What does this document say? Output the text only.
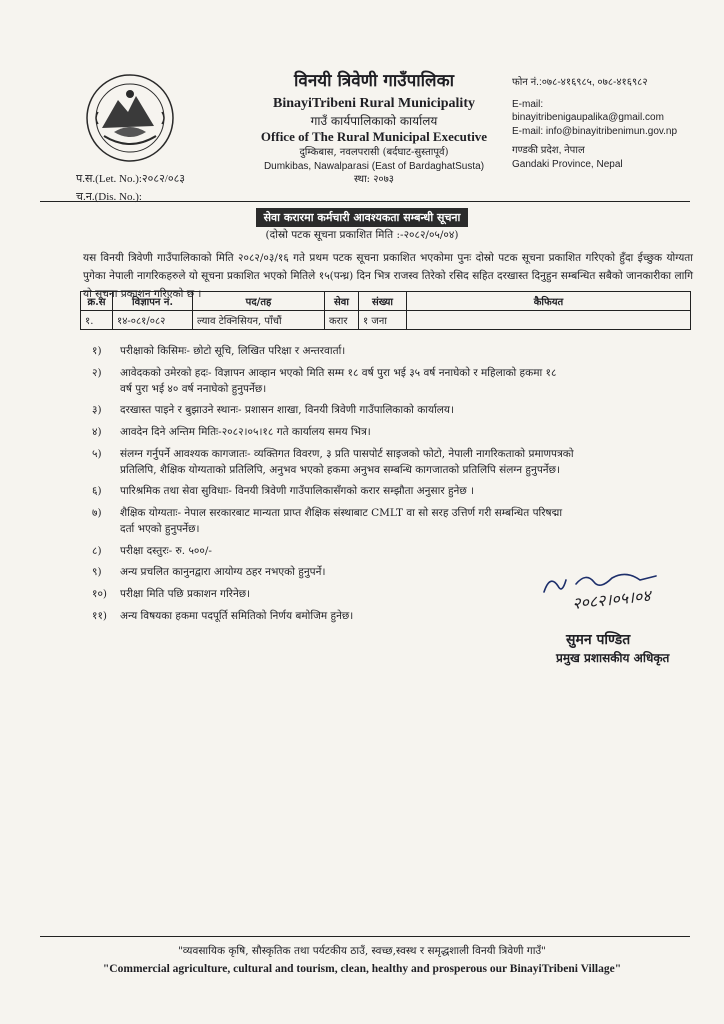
विनयी त्रिवेणी गाउँपालिका
BinayiTribeni Rural Municipality
गाउँ कार्यपालिकाको कार्यालय
Office of The Rural Municipal Executive
दुम्किबास, नवलपरासी (बर्दघाट-सुस्तापूर्व)
Dumkibas, Nawalparasi (East of BardaghatSusta)
स्था: २०७३
फोन नं.:०७८-४१६९८५, ०७८-४१६९८२
E-mail:
binayitribenigaupalika@gmail.com
E-mail: info@binayitribenimun.gov.np
गण्डकी प्रदेश, नेपाल
Gandaki Province, Nepal
प.स.(Let. No.):२०८२/०८३
च.न.(Dis. No.):
सेवा करारमा कर्मचारी आवश्यकता सम्बन्धी सूचना
(दोस्रो पटक सूचना प्रकाशित मिति :-२०८२/०५/०४)
यस विनयी त्रिवेणी गाउँपालिकाको मिति २०८२/०३/१६ गते प्रथम पटक सूचना प्रकाशित भएकोमा पुनः दोस्रो पटक सूचना प्रकाशित गरिएको हुँदा ईच्छुक योग्यता पुगेका नेपाली नागरिकहरुले यो सूचना प्रकाशित भएको मितिले १५(पन्ध्र) दिन भित्र राजस्व तिरेको रसिद सहित दरखास्त दिनुहुन सम्बन्धित सबैको जानकारीका लागि यो सूचना प्रकाशन गरिएको छ ।
क्र.स	विज्ञापन नं.	पद/तह	सेवा	संख्या	कैफियत
१.	१४-०८१/०८२	ल्याव टेक्निसियन, पाँचौं	करार	१ जना	
१) परीक्षाको किसिमः- छोटो सूचि, लिखित परिक्षा र अन्तरवार्ता।
२) आवेदकको उमेरको हदः- विज्ञापन आव्हान भएको मिति सम्म १८ वर्ष पुरा भई ३५ वर्ष ननाघेको र महिलाको हकमा १८
वर्ष पुरा भई ४० वर्ष ननाघेको हुनुपर्नेछ।
३) दरखास्त पाइने र बुझाउने स्थानः- प्रशासन शाखा, विनयी त्रिवेणी गाउँपालिकाको कार्यालय।
४) आवदेन दिने अन्तिम मितिः-२०८२।०५।१८ गते कार्यालय समय भित्र।
५) संलग्न गर्नुपर्ने आवश्यक कागजातः- व्यक्तिगत विवरण, ३ प्रति पासपोर्ट साइजको फोटो, नेपाली नागरिकताको प्रमाणपत्रको
प्रतिलिपि, शैक्षिक योग्यताको प्रतिलिपि, अनुभव भएको हकमा अनुभव सम्बन्धि कागजातको प्रतिलिपि संलग्न हुनुपर्नेछ।
६) पारिश्रमिक तथा सेवा सुविधाः- विनयी त्रिवेणी गाउँपालिकासँगको करार सम्झौता अनुसार हुनेछ ।
७) शैक्षिक योग्यताः- नेपाल सरकारबाट मान्यता प्राप्त शैक्षिक संस्थाबाट CMLT वा सो सरह उत्तिर्ण गरी सम्बन्धित परिषद्मा
दर्ता भएको हुनुपर्नेछ।
८) परीक्षा दस्तुरः- रु. ५००/-
९) अन्य प्रचलित कानुनद्वारा आयोग्य ठहर नभएको हुनुपर्ने।
१०) परीक्षा मिति पछि प्रकाशन गरिनेछ।
११) अन्य विषयका हकमा पदपूर्ति समितिको निर्णय बमोजिम हुनेछ।
२०८२।०५।०४
सुमन पण्डित
प्रमुख प्रशासकीय अधिकृत
"व्यवसायिक कृषि, सौस्कृतिक तथा पर्यटकीय ठाउँ, स्वच्छ,स्वस्थ र समृद्धशाली विनयी त्रिवेणी गाउँ"
"Commercial agriculture, cultural and tourism, clean, healthy and prosperous our BinayiTribeni Village"
